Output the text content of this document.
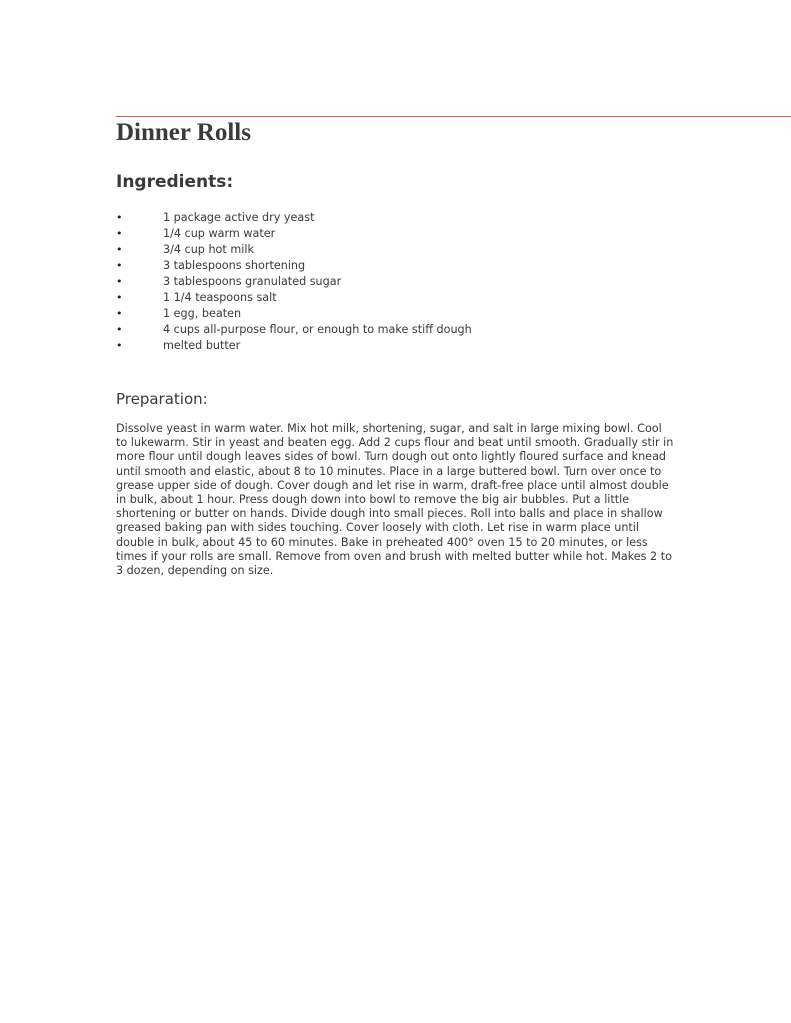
Dinner Rolls
Ingredients:
•	1 package active dry yeast
•	1/4 cup warm water
•	3/4 cup hot milk
•	3 tablespoons shortening
•	3 tablespoons granulated sugar
•	1 1/4 teaspoons salt
•	1 egg, beaten
•	4 cups all-purpose flour, or enough to make stiff dough
•	melted butter
Preparation:

Dissolve yeast in warm water. Mix hot milk, shortening, sugar, and salt in large mixing bowl. Cool to lukewarm. Stir in yeast and beaten egg. Add 2 cups flour and beat until smooth. Gradually stir in more flour until dough leaves sides of bowl. Turn dough out onto lightly floured surface and knead until smooth and elastic, about 8 to 10 minutes. Place in a large buttered bowl. Turn over once to grease upper side of dough. Cover dough and let rise in warm, draft-free place until almost double in bulk, about 1 hour. Press dough down into bowl to remove the big air bubbles. Put a little shortening or butter on hands. Divide dough into small pieces. Roll into balls and place in shallow greased baking pan with sides touching. Cover loosely with cloth. Let rise in warm place until double in bulk, about 45 to 60 minutes. Bake in preheated 400° oven 15 to 20 minutes, or less times if your rolls are small. Remove from oven and brush with melted butter while hot. Makes 2 to 3 dozen, depending on size.
